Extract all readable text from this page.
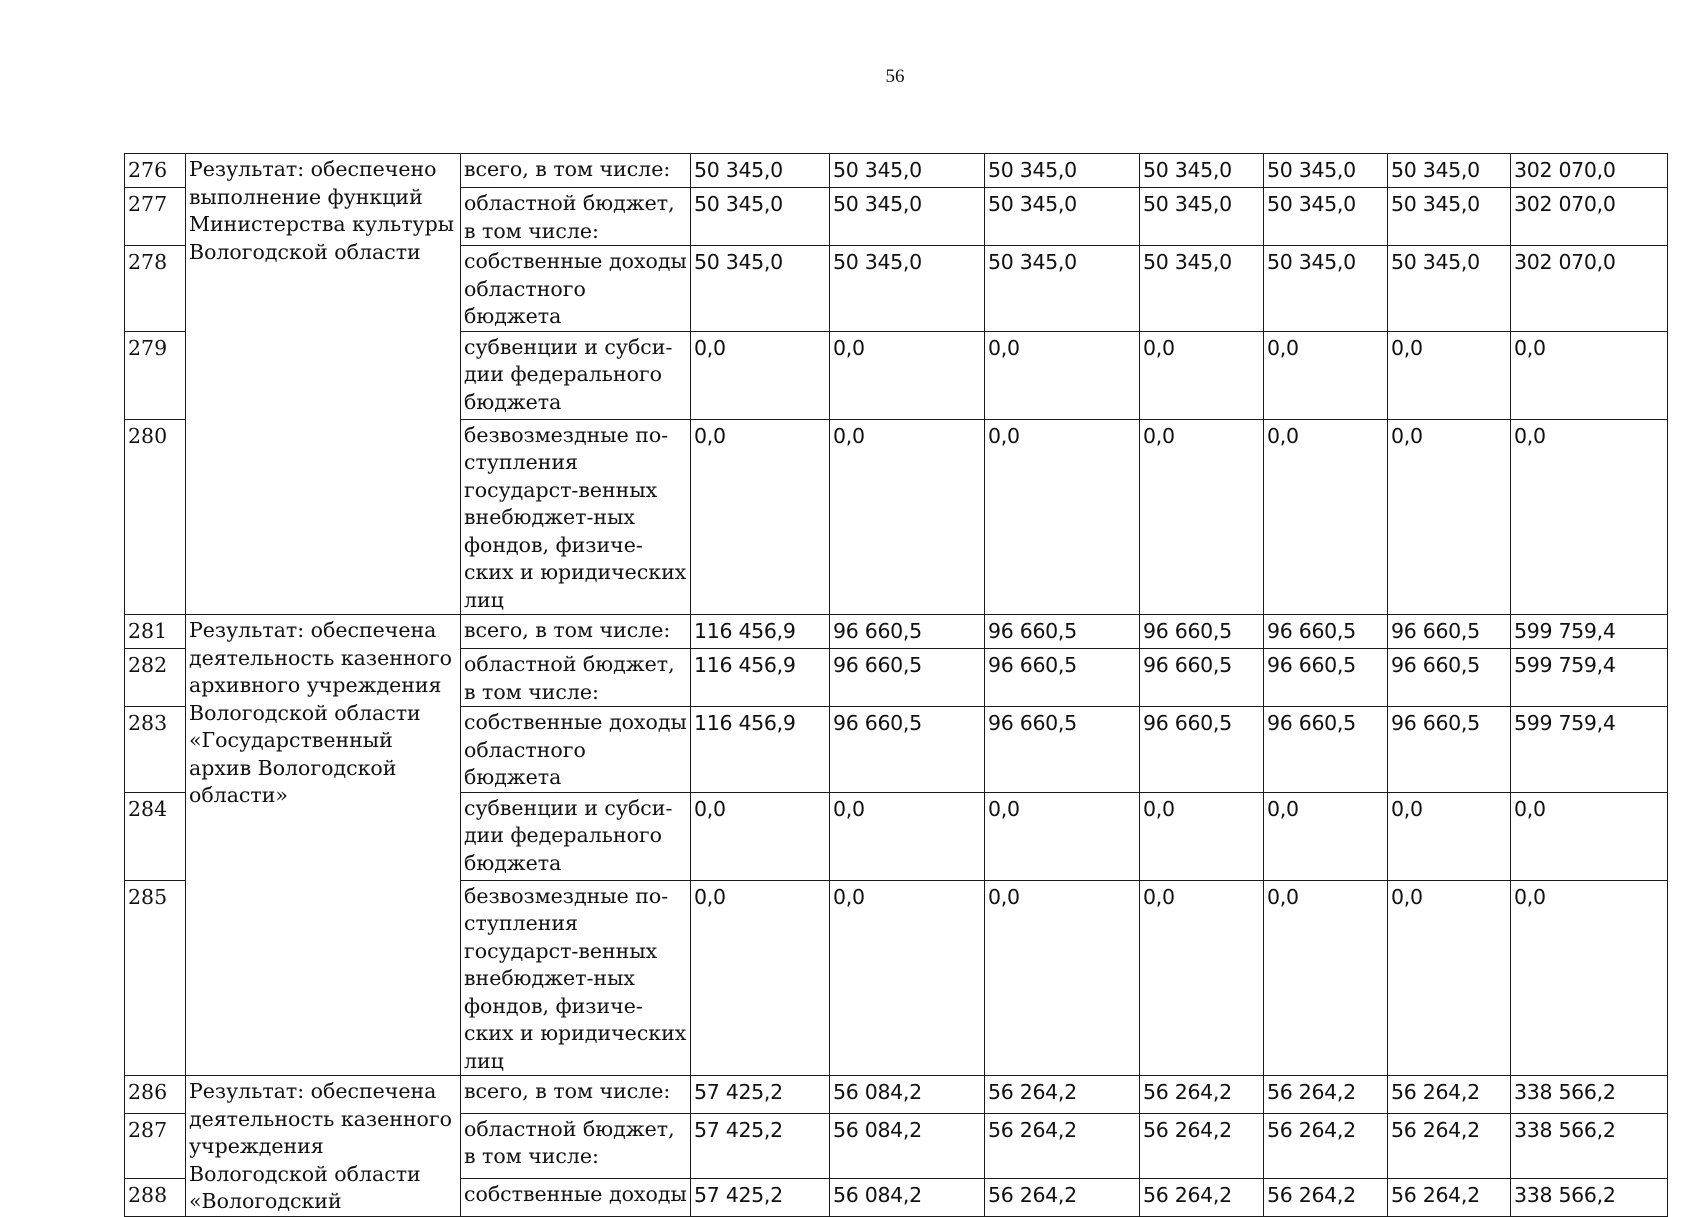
56
276	Результат: обеспечено выполнение функций Министерства культуры Вологодской области	всего, в том числе:	50 345,0	50 345,0	50 345,0	50 345,0	50 345,0	50 345,0	302 070,0
277		областной бюджет, в том числе:	50 345,0	50 345,0	50 345,0	50 345,0	50 345,0	50 345,0	302 070,0
278		собственные доходы областного бюджета	50 345,0	50 345,0	50 345,0	50 345,0	50 345,0	50 345,0	302 070,0
279		субвенции и субси-дии федерального бюджета	0,0	0,0	0,0	0,0	0,0	0,0	0,0
280		безвозмездные по-ступления государст-венных внебюджет-ных фондов, физиче-ских и юридических лиц	0,0	0,0	0,0	0,0	0,0	0,0	0,0
281	Результат: обеспечена деятельность казенного архивного учреждения Вологодской области «Государственный архив Вологодской области»	всего, в том числе:	116 456,9	96 660,5	96 660,5	96 660,5	96 660,5	96 660,5	599 759,4
282		областной бюджет, в том числе:	116 456,9	96 660,5	96 660,5	96 660,5	96 660,5	96 660,5	599 759,4
283		собственные доходы областного бюджета	116 456,9	96 660,5	96 660,5	96 660,5	96 660,5	96 660,5	599 759,4
284		субвенции и субси-дии федерального бюджета	0,0	0,0	0,0	0,0	0,0	0,0	0,0
285		безвозмездные по-ступления государст-венных внебюджет-ных фондов, физиче-ских и юридических лиц	0,0	0,0	0,0	0,0	0,0	0,0	0,0
286	Результат: обеспечена деятельность казенного учреждения Вологодской области «Вологодский	всего, в том числе:	57 425,2	56 084,2	56 264,2	56 264,2	56 264,2	56 264,2	338 566,2
287		областной бюджет, в том числе:	57 425,2	56 084,2	56 264,2	56 264,2	56 264,2	56 264,2	338 566,2
288		собственные доходы	57 425,2	56 084,2	56 264,2	56 264,2	56 264,2	56 264,2	338 566,2
